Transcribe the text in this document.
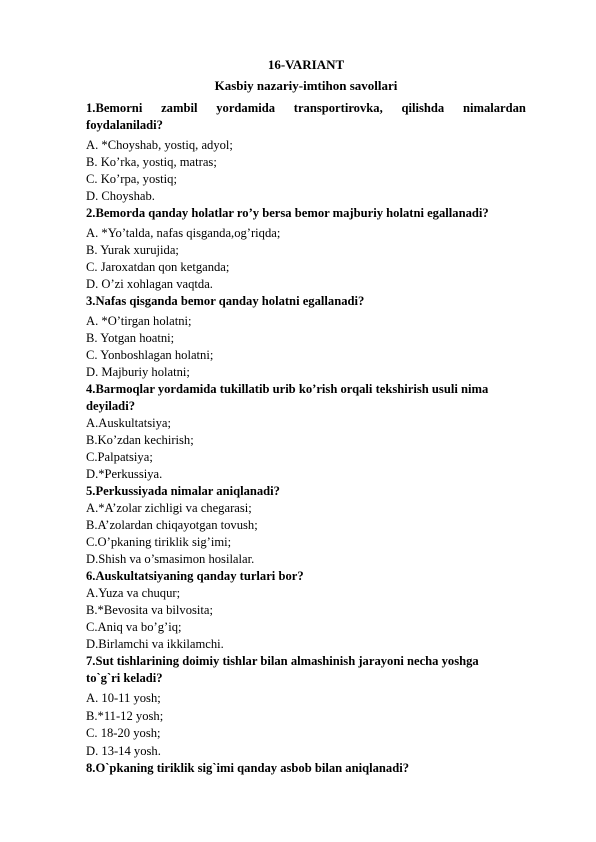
16-VARIANT

Kasbiy nazariy-imtihon savollari

1.Bemorni zambil yordamida transportirovka, qilishda nimalardan

foydalaniladi?

A. *Choyshab, yostiq, adyol;

B. Ko’rka, yostiq, matras;

C. Ko’rpa, yostiq;

D. Choyshab.

2.Bemorda qanday holatlar ro’y bersa bemor majburiy holatni egallanadi?

A. *Yo’talda, nafas qisganda,og’riqda;

B. Yurak xurujida;

C. Jaroxatdan qon ketganda;

D. O’zi xohlagan vaqtda.

3.Nafas qisganda bemor qanday holatni egallanadi?

A. *O’tirgan holatni;

B. Yotgan hoatni;

C. Yonboshlagan holatni;

D. Majburiy holatni;

4.Barmoqlar yordamida tukillatib urib ko’rish orqali tekshirish usuli nima

deyiladi?

A.Auskultatsiya;

B.Ko’zdan kechirish;

C.Palpatsiya;

D.*Perkussiya.

5.Perkussiyada nimalar aniqlanadi?

A.*A’zolar zichligi va chegarasi;

B.A’zolardan chiqayotgan tovush;

C.O’pkaning tiriklik sig’imi;

D.Shish va o’smasimon hosilalar.

6.Auskultatsiyaning qanday turlari bor?

A.Yuza va chuqur;

B.*Bevosita va bilvosita;

C.Aniq va bo’g’iq;

D.Birlamchi va ikkilamchi.

7.Sut tishlarining doimiy tishlar bilan almashinish jarayoni necha yoshga

to`g`ri keladi?

A. 10-11 yosh;

B.*11-12 yosh;

C. 18-20 yosh;

D. 13-14 yosh.

8.O`pkaning tiriklik sig`imi qanday asbob bilan aniqlanadi?
